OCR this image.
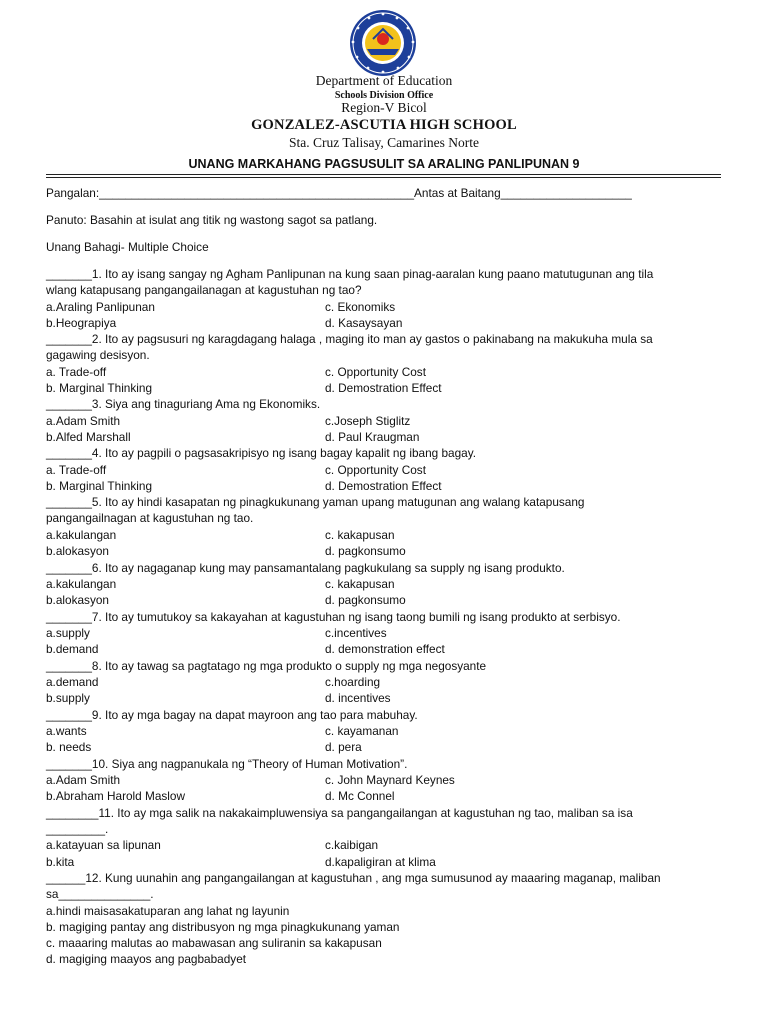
Department of Education

Schools Division Office

Region-V Bicol

GONZALEZ-ASCUTIA HIGH SCHOOL

Sta. Cruz Talisay, Camarines Norte

UNANG MARKAHANG PAGSUSULIT SA ARALING PANLIPUNAN 9
Pangalan:________________________________________________Antas at Baitang____________________
Panuto: Basahin at isulat ang titik ng wastong sagot sa patlang.
Unang Bahagi- Multiple Choice
_______1. Ito ay isang sangay ng Agham Panlipunan na kung saan pinag-aaralan kung paano matutugunan ang tila
wlang katapusang pangangailanagan at kagustuhan ng tao?
a.Araling Panlipunan	c. Ekonomiks
b.Heograpiya	d. Kasaysayan
_______2. Ito ay pagsusuri ng karagdagang halaga , maging ito man ay gastos o pakinabang na makukuha mula sa
gagawing desisyon.
a. Trade-off	c. Opportunity Cost
b. Marginal Thinking	d. Demostration Effect
_______3. Siya ang tinaguriang Ama ng Ekonomiks.
a.Adam Smith	c.Joseph Stiglitz
b.Alfed Marshall	d. Paul Kraugman
_______4. Ito ay pagpili o pagsasakripisyo ng isang bagay kapalit ng ibang bagay.
a. Trade-off	c. Opportunity Cost
b. Marginal Thinking	d. Demostration Effect
_______5. Ito ay hindi kasapatan ng pinagkukunang yaman upang matugunan ang walang katapusang
pangangailnagan at kagustuhan ng tao.
a.kakulangan	c. kakapusan
b.alokasyon	d. pagkonsumo
_______6. Ito ay nagaganap kung may pansamantalang pagkukulang sa supply ng isang produkto.
a.kakulangan	c. kakapusan
b.alokasyon	d. pagkonsumo
_______7. Ito ay tumutukoy sa kakayahan at kagustuhan ng isang taong bumili ng isang produkto at serbisyo.
a.supply	c.incentives
b.demand	d. demonstration effect
_______8. Ito ay tawag sa pagtatago ng mga produkto o supply ng mga negosyante
a.demand	c.hoarding
b.supply	d. incentives
_______9. Ito ay mga bagay na dapat mayroon ang tao para mabuhay.
a.wants	c. kayamanan
b. needs	d. pera
_______10. Siya ang nagpanukala ng “Theory of Human Motivation”.
a.Adam Smith	c. John Maynard Keynes
b.Abraham Harold Maslow	d. Mc Connel
________11. Ito ay mga salik na nakakaimpluwensiya sa pangangailangan at kagustuhan ng tao, maliban sa isa
_________.
a.katayuan sa lipunan	c.kaibigan
b.kita	d.kapaligiran at klima
______12. Kung uunahin ang pangangailangan at kagustuhan , ang mga sumusunod ay maaaring maganap, maliban
sa______________.
a.hindi maisasakatuparan ang lahat ng layunin
b. magiging pantay ang distribusyon ng mga pinagkukunang yaman
c. maaaring malutas ao mabawasan ang suliranin sa kakapusan
d. magiging maayos ang pagbabadyet
